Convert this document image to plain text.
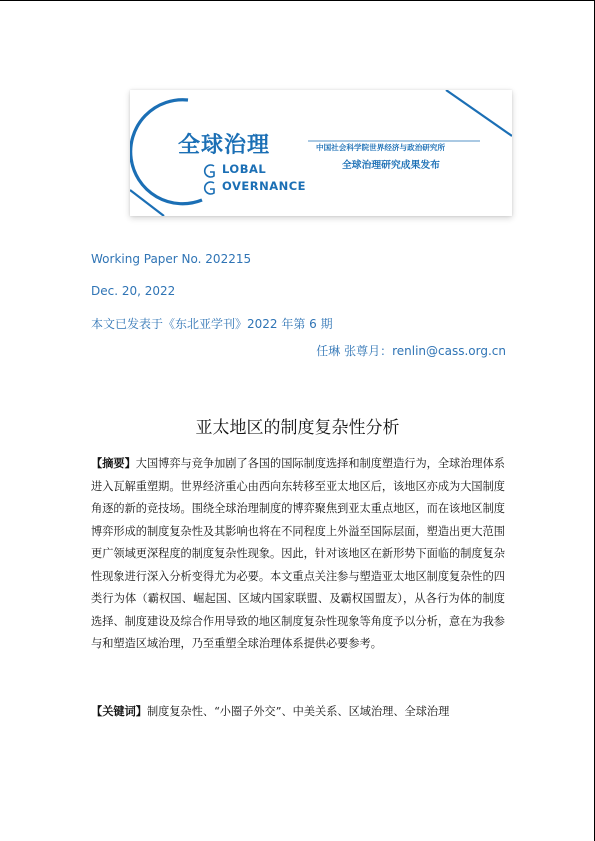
全球治理	中国社会科学院世界经济与政治研究所
全球治理研究成果发布
LOBAL
OVERNANCE
Working Paper No. 202215
Dec. 20, 2022
本文已发表于《东北亚学刊》2022 年第 6 期
任琳 张尊月：renlin@cass.org.cn
亚太地区的制度复杂性分析

【摘要】大国博弈与竞争加剧了各国的国际制度选择和制度塑造行为，全球治理体系进入瓦解重塑期。世界经济重心由西向东转移至亚太地区后，该地区亦成为大国制度角逐的新的竞技场。围绕全球治理制度的博弈聚焦到亚太重点地区，而在该地区制度博弈形成的制度复杂性及其影响也将在不同程度上外溢至国际层面，塑造出更大范围更广领域更深程度的制度复杂性现象。因此，针对该地区在新形势下面临的制度复杂性现象进行深入分析变得尤为必要。本文重点关注参与塑造亚太地区制度复杂性的四类行为体（霸权国、崛起国、区域内国家联盟、及霸权国盟友），从各行为体的制度选择、制度建设及综合作用导致的地区制度复杂性现象等角度予以分析，意在为我参与和塑造区域治理，乃至重塑全球治理体系提供必要参考。

【关键词】制度复杂性、“小圈子外交”、中美关系、区域治理、全球治理
